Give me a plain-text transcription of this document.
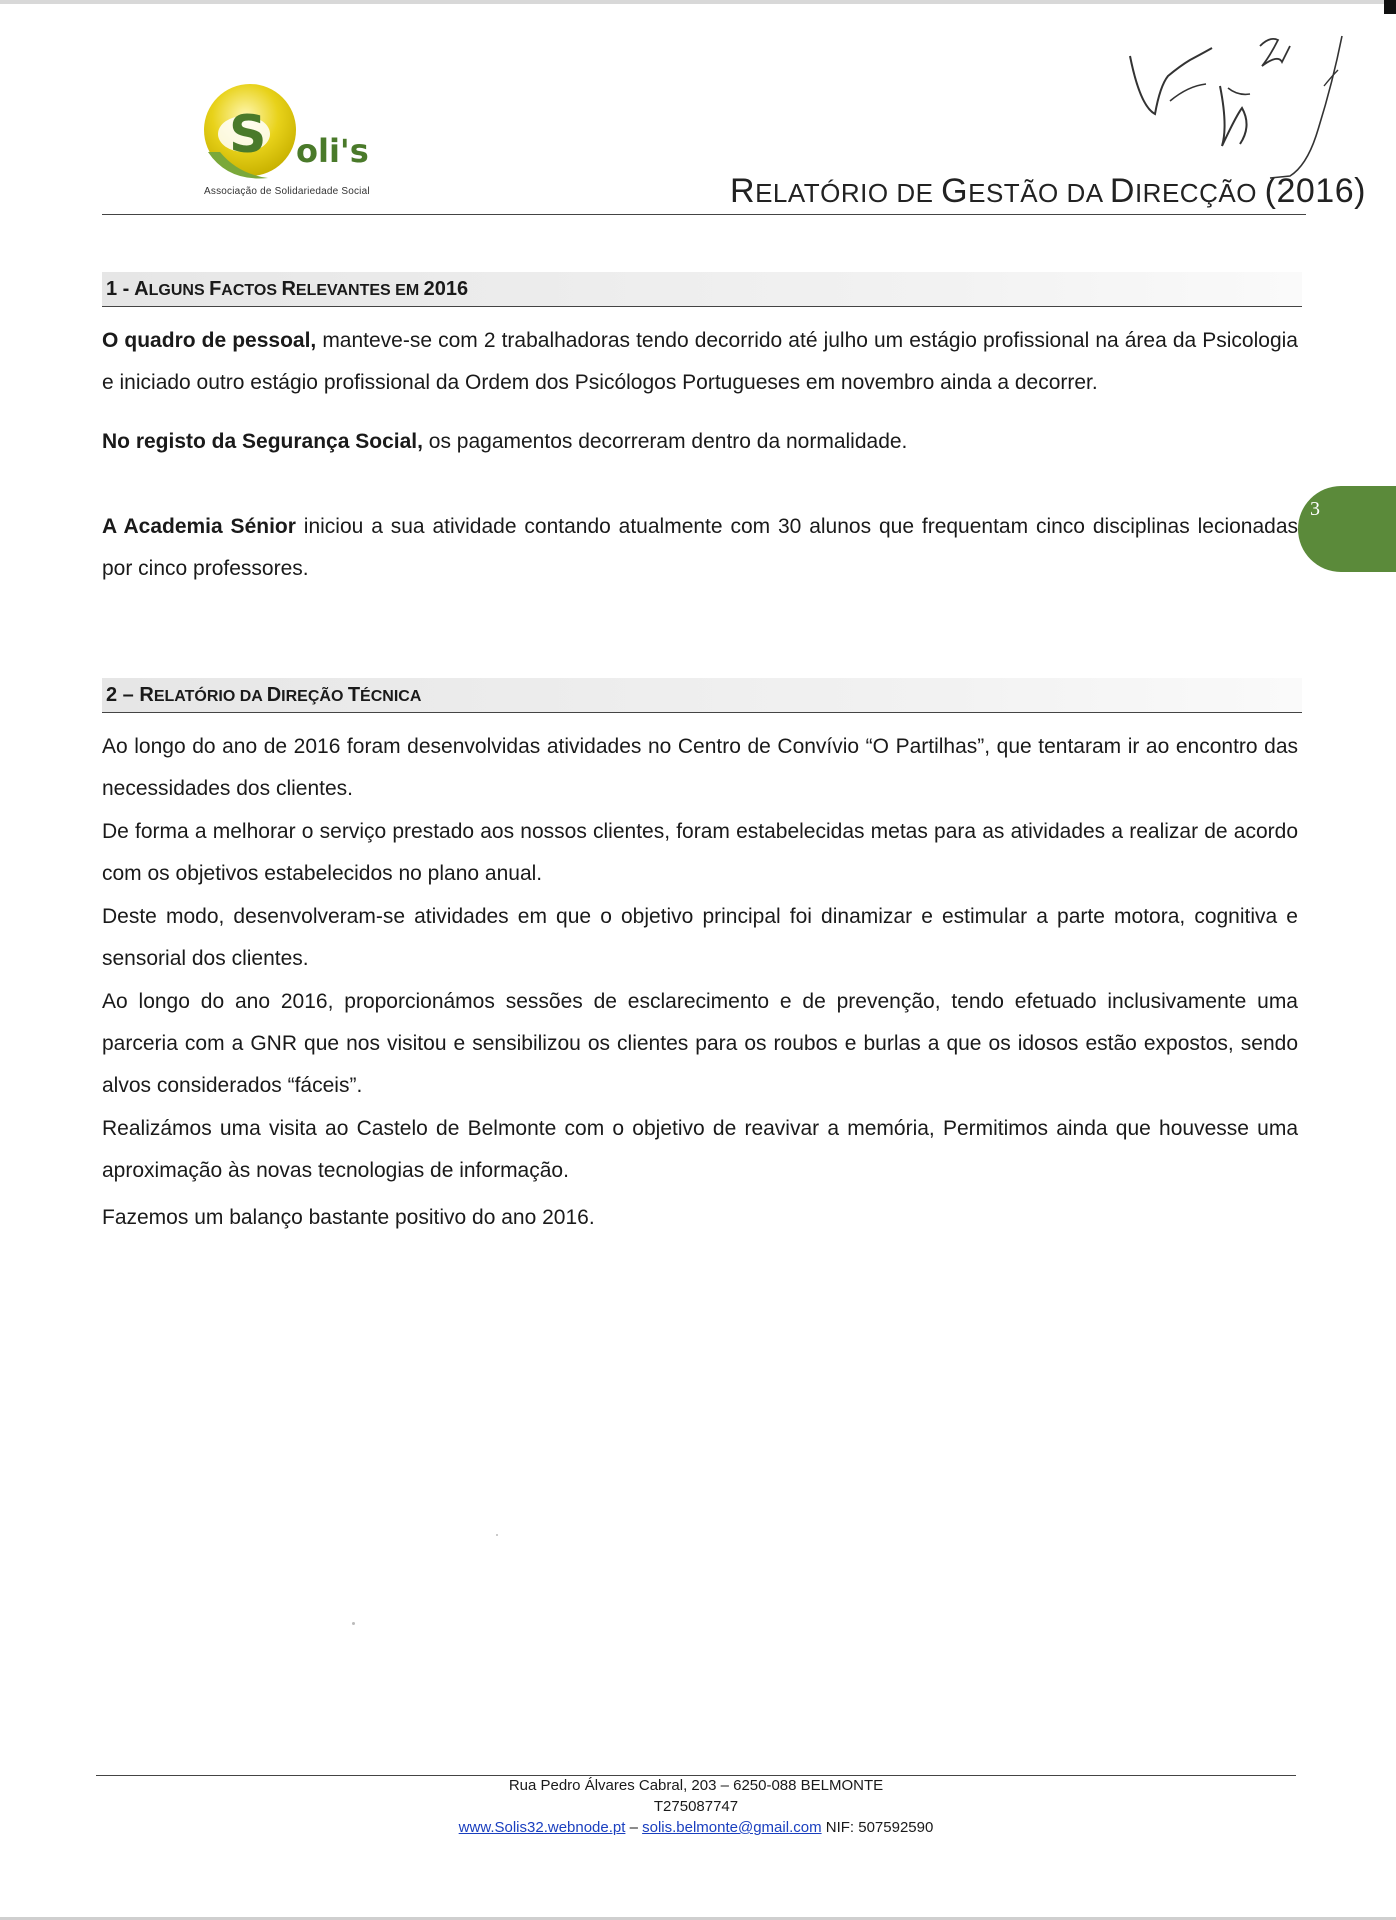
S oli's
Associação de Solidariedade Social	RELATÓRIO DE GESTÃO DA DIRECÇÃO (2016)
1 - ALGUNS FACTOS RELEVANTES EM 2016
O quadro de pessoal, manteve-se com 2 trabalhadoras tendo decorrido até julho um estágio profissional na área da Psicologia e iniciado outro estágio profissional da Ordem dos Psicólogos Portugueses em novembro ainda a decorrer.
No registo da Segurança Social, os pagamentos decorreram dentro da normalidade.
A Academia Sénior iniciou a sua atividade contando atualmente com 30 alunos que frequentam cinco disciplinas lecionadas por cinco professores.
3
2 – RELATÓRIO DA DIREÇÃO TÉCNICA
Ao longo do ano de 2016 foram desenvolvidas atividades no Centro de Convívio “O Partilhas”, que tentaram ir ao encontro das necessidades dos clientes.
De forma a melhorar o serviço prestado aos nossos clientes, foram estabelecidas metas para as atividades a realizar de acordo com os objetivos estabelecidos no plano anual.
Deste modo, desenvolveram-se atividades em que o objetivo principal foi dinamizar e estimular a parte motora, cognitiva e sensorial dos clientes.
Ao longo do ano 2016, proporcionámos sessões de esclarecimento e de prevenção, tendo efetuado inclusivamente uma parceria com a GNR que nos visitou e sensibilizou os clientes para os roubos e burlas a que os idosos estão expostos, sendo alvos considerados “fáceis”.
Realizámos uma visita ao Castelo de Belmonte com o objetivo de reavivar a memória, Permitimos ainda que houvesse uma aproximação às novas tecnologias de informação.
Fazemos um balanço bastante positivo do ano 2016.
Rua Pedro Álvares Cabral, 203 – 6250-088 BELMONTE
T275087747
www.Solis32.webnode.pt – solis.belmonte@gmail.com NIF: 507592590
